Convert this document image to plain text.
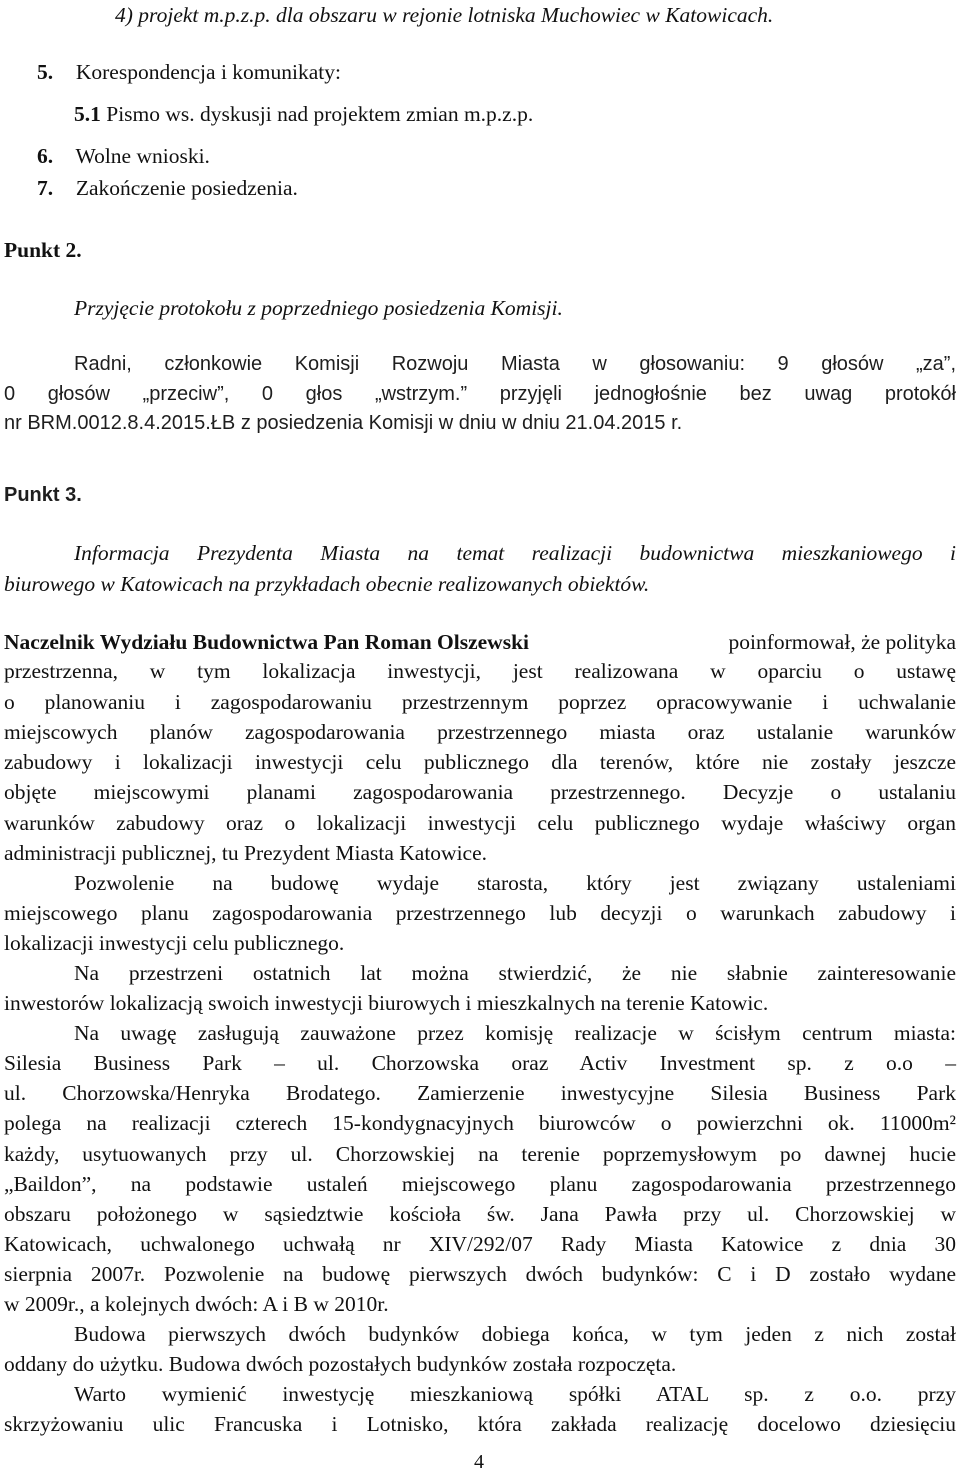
4) projekt m.p.z.p. dla obszaru w rejonie lotniska Muchowiec w Katowicach.
5. Korespondencja i komunikaty:
5.1 Pismo ws. dyskusji nad projektem zmian m.p.z.p.
6. Wolne wnioski.
7. Zakończenie posiedzenia.
Punkt 2.
Przyjęcie protokołu z poprzedniego posiedzenia Komisji.
Radni, członkowie Komisji Rozwoju Miasta w głosowaniu: 9 głosów „za”,
0 głosów „przeciw”, 0 głos „wstrzym.” przyjęli jednogłośnie bez uwag protokół
nr BRM.0012.8.4.2015.ŁB z posiedzenia Komisji w dniu w dniu 21.04.2015 r.
Punkt 3.
Informacja Prezydenta Miasta na temat realizacji budownictwa mieszkaniowego i
biurowego w Katowicach na przykładach obecnie realizowanych obiektów.
Naczelnik Wydziału Budownictwa Pan Roman Olszewski	poinformował, że polityka
przestrzenna, w tym lokalizacja inwestycji, jest realizowana w oparciu o ustawę
o planowaniu i zagospodarowaniu przestrzennym poprzez opracowywanie i uchwalanie
miejscowych planów zagospodarowania przestrzennego miasta oraz ustalanie warunków
zabudowy i lokalizacji inwestycji celu publicznego dla terenów, które nie zostały jeszcze
objęte miejscowymi planami zagospodarowania przestrzennego. Decyzje o ustalaniu
warunków zabudowy oraz o lokalizacji inwestycji celu publicznego wydaje właściwy organ
administracji publicznej, tu Prezydent Miasta Katowice.
Pozwolenie na budowę wydaje starosta, który jest związany ustaleniami
miejscowego planu zagospodarowania przestrzennego lub decyzji o warunkach zabudowy i
lokalizacji inwestycji celu publicznego.
Na przestrzeni ostatnich lat można stwierdzić, że nie słabnie zainteresowanie
inwestorów lokalizacją swoich inwestycji biurowych i mieszkalnych na terenie Katowic.
Na uwagę zasługują zauważone przez komisję realizacje w ścisłym centrum miasta:
Silesia Business Park – ul. Chorzowska oraz Activ Investment sp. z o.o –
ul. Chorzowska/Henryka Brodatego. Zamierzenie inwestycyjne Silesia Business Park
polega na realizacji czterech 15-kondygnacyjnych biurowców o powierzchni ok. 11000m²
każdy, usytuowanych przy ul. Chorzowskiej na terenie poprzemysłowym po dawnej hucie
„Baildon”, na podstawie ustaleń miejscowego planu zagospodarowania przestrzennego
obszaru położonego w sąsiedztwie kościoła św. Jana Pawła przy ul. Chorzowskiej w
Katowicach, uchwalonego uchwałą nr XIV/292/07 Rady Miasta Katowice z dnia 30
sierpnia 2007r. Pozwolenie na budowę pierwszych dwóch budynków: C i D zostało wydane
w 2009r., a kolejnych dwóch: A i B w 2010r.
Budowa pierwszych dwóch budynków dobiega końca, w tym jeden z nich został
oddany do użytku. Budowa dwóch pozostałych budynków została rozpoczęta.
Warto wymienić inwestycję mieszkaniową spółki ATAL sp. z o.o. przy
skrzyżowaniu ulic Francuska i Lotnisko, która zakłada realizację docelowo dziesięciu
4
